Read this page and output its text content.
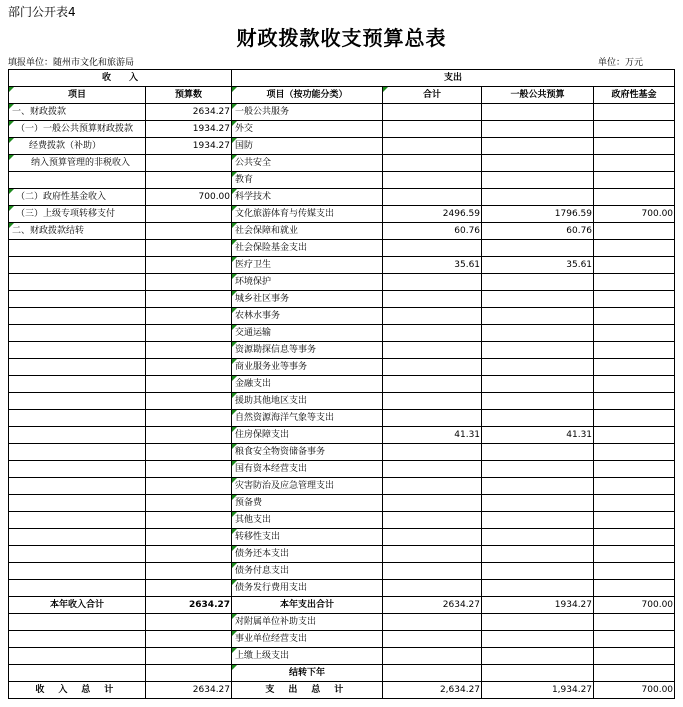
部门公开表4
财政拨款收支预算总表
填报单位：随州市文化和旅游局	单位：万元
收　　入		支出			
项目	预算数	项目（按功能分类）	合计	一般公共预算	政府性基金
一、财政拨款	2634.27	一般公共服务			
（一）一般公共预算财政拨款	1934.27	外交			
经费拨款（补助）	1934.27	国防			
纳入预算管理的非税收入		公共安全			
		教育			
（二）政府性基金收入	700.00	科学技术			
（三）上级专项转移支付		文化旅游体育与传媒支出	2496.59	1796.59	700.00
二、财政拨款结转		社会保障和就业	60.76	60.76	
		社会保险基金支出			
		医疗卫生	35.61	35.61	
		环境保护			
		城乡社区事务			
		农林水事务			
		交通运输			
		资源勘探信息等事务			
		商业服务业等事务			
		金融支出			
		援助其他地区支出			
		自然资源海洋气象等支出			
		住房保障支出	41.31	41.31	
		粮食安全物资储备事务			
		国有资本经营支出			
		灾害防治及应急管理支出			
		预备费			
		其他支出			
		转移性支出			
		债务还本支出			
		债务付息支出			
		债务发行费用支出			
本年收入合计	2634.27	本年支出合计	2634.27	1934.27	700.00
		对附属单位补助支出			
		事业单位经营支出			
		上缴上级支出			
		结转下年			
收 入 总 计	2634.27	支 出 总 计	2,634.27	1,934.27	700.00
